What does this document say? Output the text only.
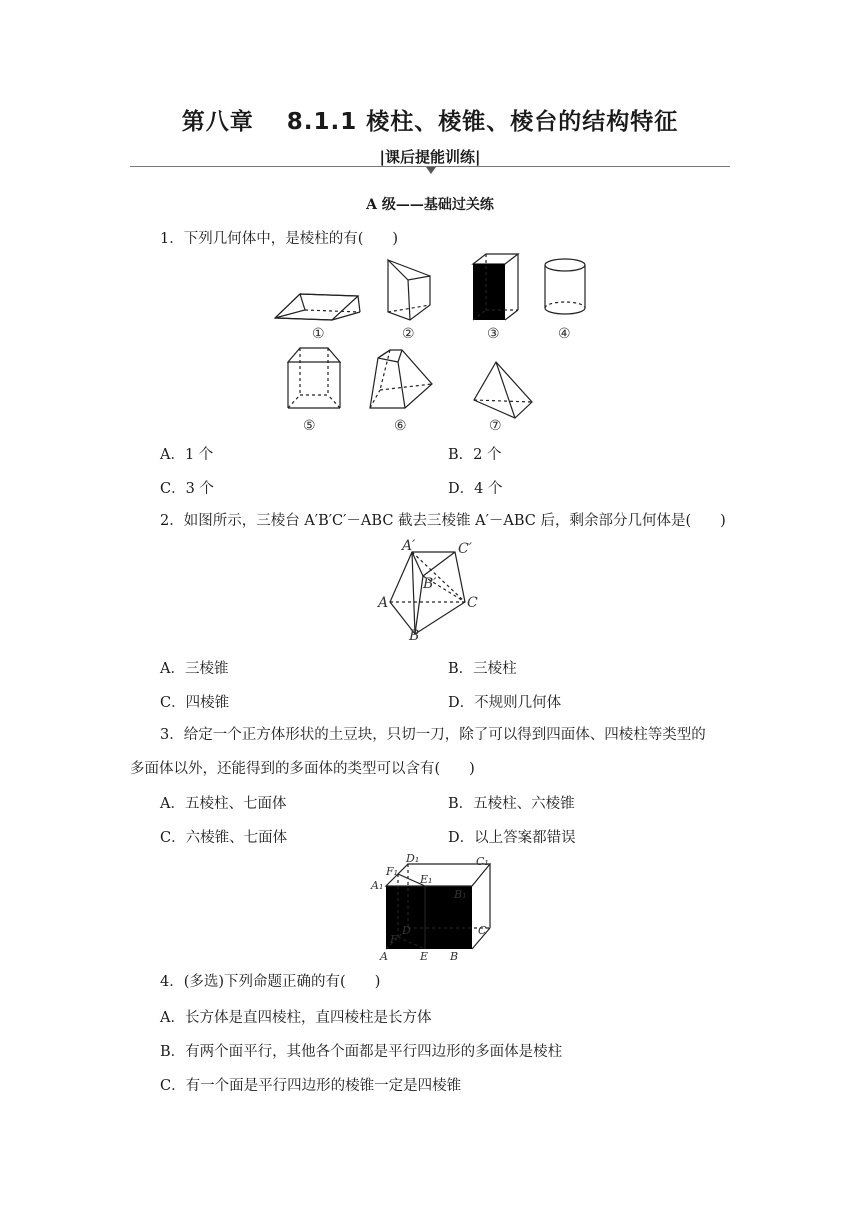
第八章　 8.1.1 棱柱、棱锥、棱台的结构特征
|课后提能训练|
A 级——基础过关练
1．下列几何体中，是棱柱的有(　　)
①	②	③	④
⑤	⑥	⑦
A．1 个	B．2 个
C．3 个	D．4 个
2．如图所示，三棱台 A′B′C′－ABC 截去三棱锥 A′－ABC 后，剩余部分几何体是(　　)
A′	C′
B′
A	C
B
A．三棱锥	B．三棱柱
C．四棱锥	D．不规则几何体
3．给定一个正方体形状的土豆块，只切一刀，除了可以得到四面体、四棱柱等类型的
多面体以外，还能得到的多面体的类型可以含有(　　)
A．五棱柱、七面体	B．五棱柱、六棱锥
C．六棱锥、七面体	D．以上答案都错误
D₁	C₁
F₁
E₁
A₁
B₁
F
D	C
A	E B
4．(多选)下列命题正确的有(　　)
A．长方体是直四棱柱，直四棱柱是长方体
B．有两个面平行，其他各个面都是平行四边形的多面体是棱柱
C．有一个面是平行四边形的棱锥一定是四棱锥
